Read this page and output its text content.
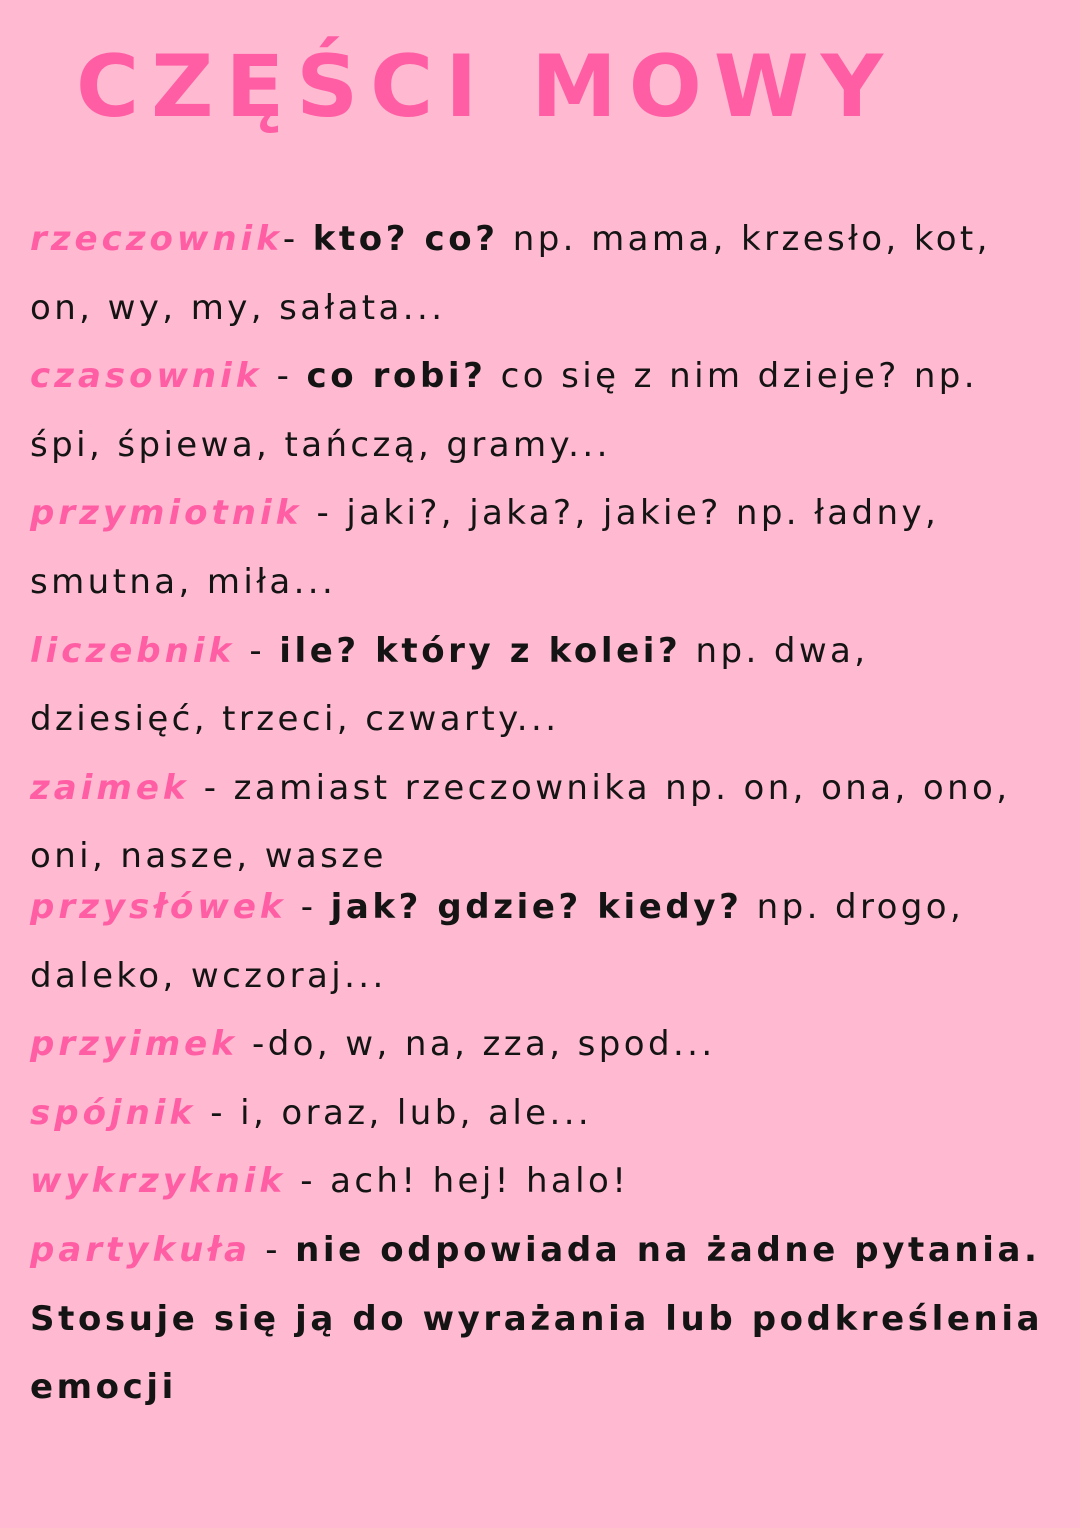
CZĘŚCI MOWY

rzeczownik- kto? co? np. mama, krzesło, kot, on, wy, my, sałata...

czasownik - co robi? co się z nim dzieje? np. śpi, śpiewa, tańczą, gramy...

przymiotnik - jaki?, jaka?, jakie? np. ładny, smutna, miła...

liczebnik - ile? który z kolei? np. dwa, dziesięć, trzeci, czwarty...

zaimek - zamiast rzeczownika np. on, ona, ono, oni, nasze, wasze

przysłówek - jak? gdzie? kiedy? np. drogo, daleko, wczoraj...

przyimek -do, w, na, zza, spod...

spójnik - i, oraz, lub, ale...

wykrzyknik - ach! hej! halo!

partykuła - nie odpowiada na żadne pytania. Stosuje się ją do wyrażania lub podkreślenia emocji
